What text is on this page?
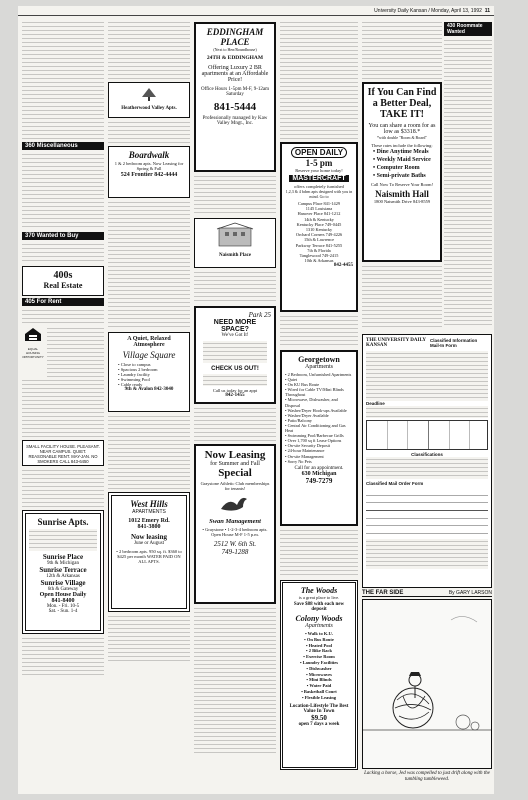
University Daily Kansan / Monday, April 13, 1992 11
360 Miscellaneous
370 Wanted to Buy
400s
Real Estate
405 For Rent
EQUAL HOUSING
OPPORTUNITY
SMALL FACILITY HOUSE. PLEASANT. NEAR CAMPUS. QUIET. REASONABLE RENT. MAY-JAN. NO SMOKERS CALL 843-6450
Sunrise Apts.
Sunrise Place
9th & Michigan
Sunrise Terrace
12th & Arkansas
Sunrise Village
6th & Gateway
Open House Daily
841-8400
Mon. - Fri. 10-5
Sat. - Sun. 1-4
Heatherwood Valley Apts.
Boardwalk
1 & 2 bedroom apts. Now Leasing for Spring & Fall
524 Frontier 842-4444
A Quiet, Relaxed Atmosphere
Village Square
• Close to campus
• Spacious 2 bedroom
• Laundry facility
• Swimming Pool
• Cable ready
9th & Avalon 842-3040
West Hills
APARTMENTS
1012 Emery Rd.
841-3800
Now leasing
June or August
• 2 bedroom apts. 950 sq. ft. $360 to $425 per month WATER PAID ON ALL APTS.
EDDINGHAM PLACE
(Next to Hen/Roundhouse)
24TH & EDDINGHAM
Offering Luxury 2 BR apartments at an Affordable Price!
Office Hours 1-5pm M-F, 9-12am Saturday
841-5444
Professionally managed by Kaw Valley Mngt., Inc.
Naismith Place
Park 25
NEED MORE SPACE?
We've Got It!
CHECK US OUT!
Call us today for an appt
842-1455
Now Leasing
for Summer and Fall
Special
Graystone Athletic Club memberships for tenants!
Swan Management
• Graystone • 1-2-3-4 bedroom apts. Open House M-F 1-5 p.m.
2512 W. 6th St.
749-1288
OPEN DAILY
1-5 pm
Reserve your home today!
MASTERCRAFT
offers completely furnished
1,2,3 & 4 bdrm apts designed with you in mind. Go to
Campus Place 841-1429
1145 Louisiana
Hanover Place 841-1212
14th & Kentucky
Kentucky Place 749-0445
1310 Kentucky
Orchard Corners 749-4226
15th & Lawrence
Parkway Terrace 841-5255
7th & Florida
Tanglewood 749-2415
10th & Arkansas
842-4455
Georgetown
Apartments
• 2 Bedroom, Unfurnished Apartments
• Quiet
• On KU Bus Route
• Wired for Cable TV/Mini Blinds Throughout
• Microwave, Dishwasher, and Disposal
• Washer/Dryer Hook-ups Available
• Washer/Dryer Available
• Patio/Balcony
• Central Air Conditioning and Gas Heat
• Swimming Pool/Barbecue Grills
• Over 1,700 sq ft Lease Options
• On-site Security Deposit
• 24-hour Maintenance
• On-site Management
• Sorry No Pets
Call for an appointment.
630 Michigan
749-7279
The Woods
is a great place to live.
Save $88 with each new deposit
Colony Woods
Apartments
• Walk to K.U.
• On Bus Route
• Heated Pool
• 2 Bike Rack
• Exercise Room
• Laundry Facilities
• Dishwasher
• Microwaves
• Mini Blinds
• Water Paid
• Basketball Court
• Flexible Leasing
Location-Lifestyle The Best Value In Town
$9.50
open 7 days a week
If You Can Find a Better Deal, TAKE IT!
You can share a room for as low as $3318.*
*with double "Room & Board"
These rates include the following:
• Dine Anytime Meals
• Weekly Maid Service
• Computer Room
• Semi-private Baths
Call Now To Reserve Your Room!
Naismith Hall
1800 Naismith Drive 843-8559
430 Roommate Wanted
THE UNIVERSITY DAILY KANSAN
Classified Information Mail-In Form
Deadline
Classifications
Classified Mail Order Form
THE FAR SIDE	By GARY LARSON
Lacking a horse, Jed was compelled to just drift along with the tumbling tumbleweed.
